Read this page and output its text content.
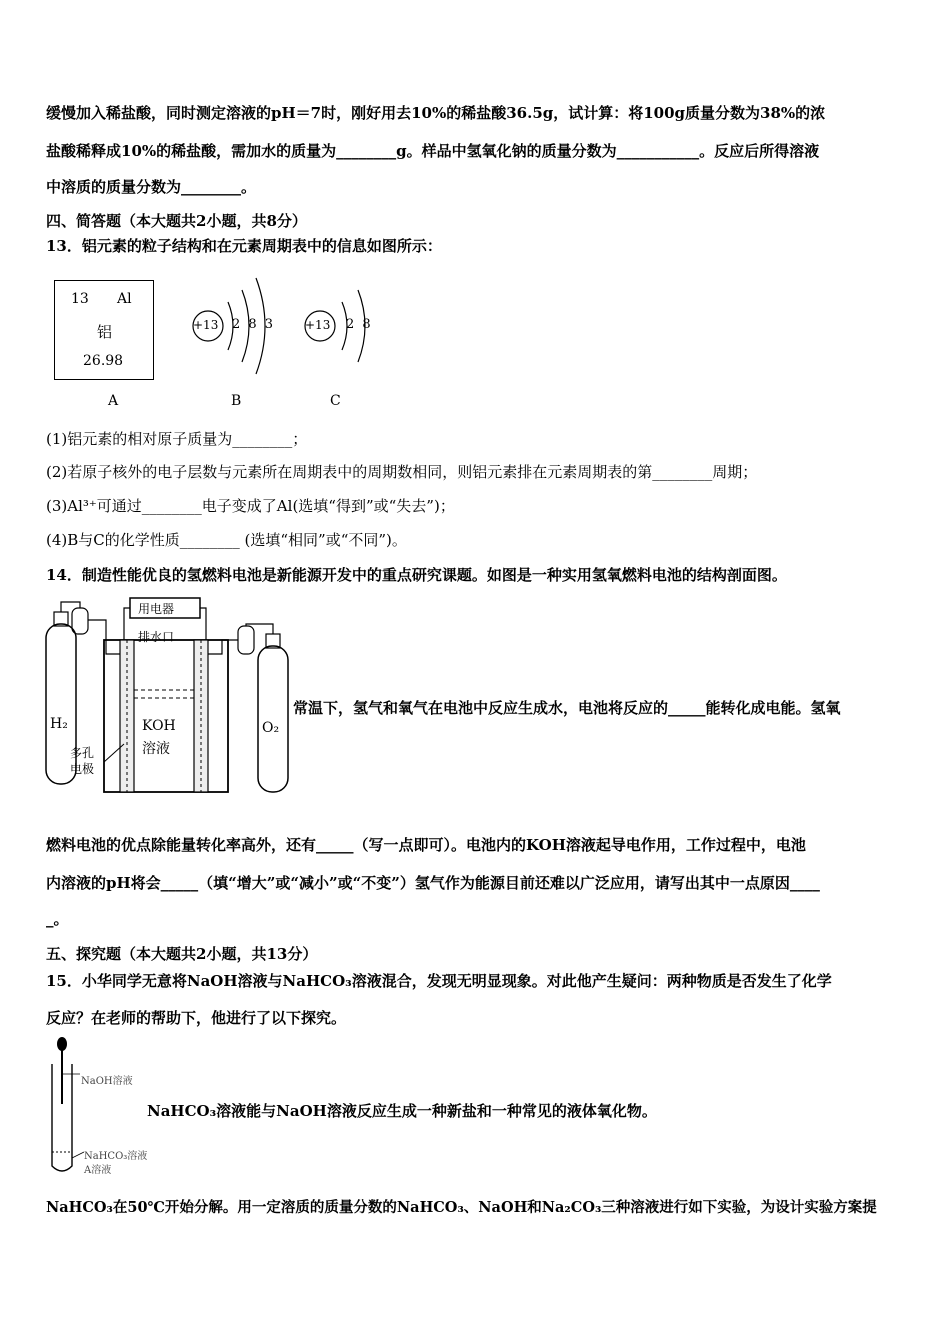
缓慢加入稀盐酸，同时测定溶液的pH＝7时，刚好用去10%的稀盐酸36.5g，试计算：将100g质量分数为38%的浓
盐酸稀释成10%的稀盐酸，需加水的质量为________g。样品中氢氧化钠的质量分数为___________。反应后所得溶液
中溶质的质量分数为________。
四、简答题（本大题共2小题，共8分）
13．铝元素的粒子结构和在元素周期表中的信息如图所示：
13 Al
铝
26.98
A
+13 2 8 3
B
+13 2 8
C
(1)铝元素的相对原子质量为________；
(2)若原子核外的电子层数与元素所在周期表中的周期数相同，则铝元素排在元素周期表的第________周期；
(3)Al³⁺可通过________电子变成了Al(选填“得到”或“失去”)；
(4)B与C的化学性质________ (选填“相同”或“不同”)。
14．制造性能优良的氢燃料电池是新能源开发中的重点研究课题。如图是一种实用氢氧燃料电池的结构剖面图。
用电器
排水口
H₂	O₂
KOH
溶液
多孔
电极
常温下，氢气和氧气在电池中反应生成水，电池将反应的_____能转化成电能。氢氧
燃料电池的优点除能量转化率高外，还有_____（写一点即可）。电池内的KOH溶液起导电作用，工作过程中，电池
内溶液的pH将会_____（填“增大”或“减小”或“不变”）氢气作为能源目前还难以广泛应用，请写出其中一点原因____
_。
五、探究题（本大题共2小题，共13分）
15．小华同学无意将NaOH溶液与NaHCO₃溶液混合，发现无明显现象。对此他产生疑问：两种物质是否发生了化学
反应？在老师的帮助下，他进行了以下探究。
NaOH溶液
NaHCO₃溶液
A溶液
NaHCO₃溶液能与NaOH溶液反应生成一种新盐和一种常见的液体氧化物。
NaHCO₃在50℃开始分解。用一定溶质的质量分数的NaHCO₃、NaOH和Na₂CO₃三种溶液进行如下实验，为设计实验方案提
